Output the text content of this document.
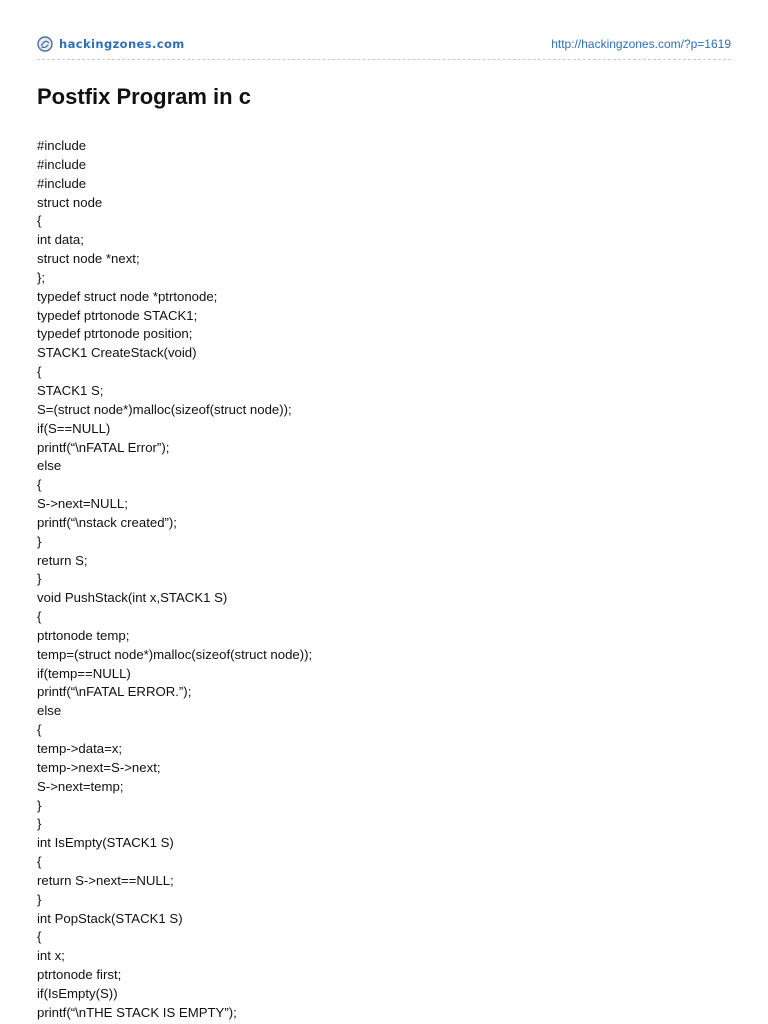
hackingzones.com	http://hackingzones.com/?p=1619
Postfix Program in c
#include
#include
#include
struct node
{
int data;
struct node *next;
};
typedef struct node *ptrtonode;
typedef ptrtonode STACK1;
typedef ptrtonode position;
STACK1 CreateStack(void)
{
STACK1 S;
S=(struct node*)malloc(sizeof(struct node));
if(S==NULL)
printf(“\nFATAL Error”);
else
{
S->next=NULL;
printf(“\nstack created”);
}
return S;
}
void PushStack(int x,STACK1 S)
{
ptrtonode temp;
temp=(struct node*)malloc(sizeof(struct node));
if(temp==NULL)
printf(“\nFATAL ERROR.”);
else
{
temp->data=x;
temp->next=S->next;
S->next=temp;
}
}
int IsEmpty(STACK1 S)
{
return S->next==NULL;
}
int PopStack(STACK1 S)
{
int x;
ptrtonode first;
if(IsEmpty(S))
printf(“\nTHE STACK IS EMPTY”);
